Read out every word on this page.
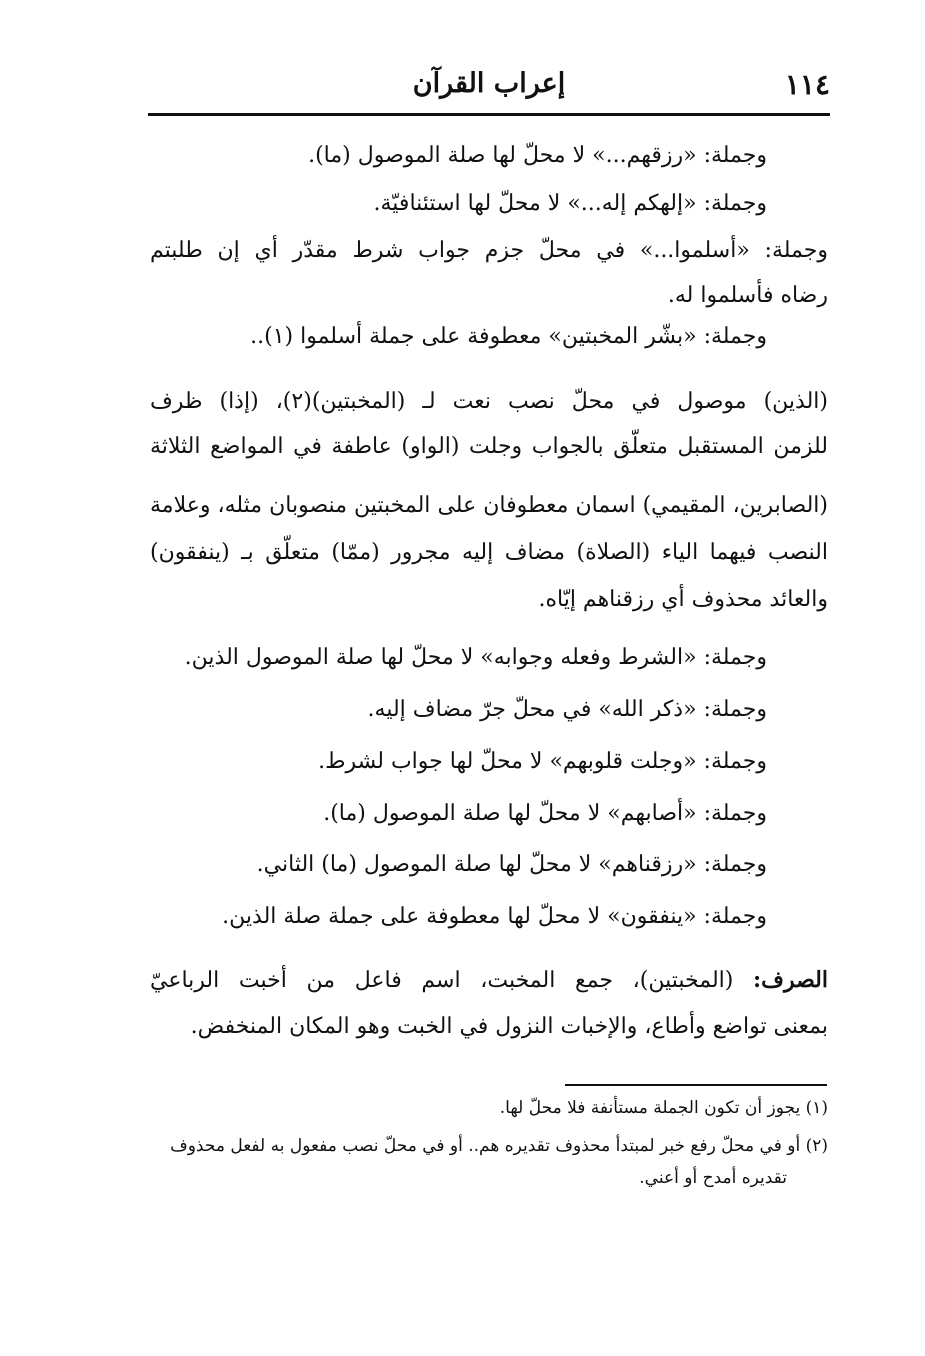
١١٤
إعراب القرآن
وجملة: «رزقهم...» لا محلّ لها صلة الموصول (ما).
وجملة: «إلهكم إله...» لا محلّ لها استئنافيّة.
وجملة: «أسلموا...» في محلّ جزم جواب شرط مقدّر أي إن طلبتم
رضاه فأسلموا له.
وجملة: «بشّر المخبتين» معطوفة على جملة أسلموا (١)..
(الذين) موصول في محلّ نصب نعت لـ (المخبتين)(٢)، (إذا) ظرف
للزمن المستقبل متعلّق بالجواب وجلت (الواو) عاطفة في المواضع الثلاثة
(الصابرين، المقيمي) اسمان معطوفان على المخبتين منصوبان مثله، وعلامة
النصب فيهما الياء (الصلاة) مضاف إليه مجرور (ممّا) متعلّق بـ (ينفقون)
والعائد محذوف أي رزقناهم إيّاه.
وجملة: «الشرط وفعله وجوابه» لا محلّ لها صلة الموصول الذين.
وجملة: «ذكر الله» في محلّ جرّ مضاف إليه.
وجملة: «وجلت قلوبهم» لا محلّ لها جواب لشرط.
وجملة: «أصابهم» لا محلّ لها صلة الموصول (ما).
وجملة: «رزقناهم» لا محلّ لها صلة الموصول (ما) الثاني.
وجملة: «ينفقون» لا محلّ لها معطوفة على جملة صلة الذين.
الصرف: (المخبتين)، جمع المخبت، اسم فاعل من أخبت الرباعيّ
بمعنى تواضع وأطاع، والإخبات النزول في الخبت وهو المكان المنخفض.
(١) يجوز أن تكون الجملة مستأنفة فلا محلّ لها.
(٢) أو في محلّ رفع خبر لمبتدأ محذوف تقديره هم.. أو في محلّ نصب مفعول به لفعل محذوف
تقديره أمدح أو أعني.
